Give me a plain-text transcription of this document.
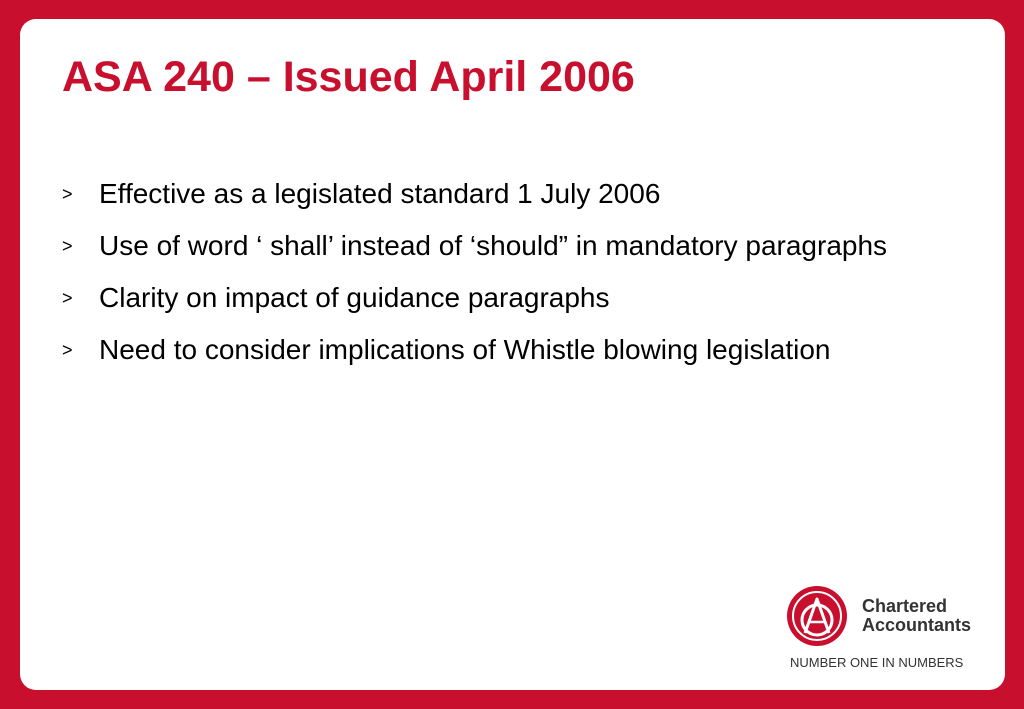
ASA 240 – Issued April 2006
> Effective as a legislated standard 1 July 2006
> Use of word ‘ shall’ instead of ‘should” in mandatory paragraphs
> Clarity on impact of guidance paragraphs
> Need to consider implications of Whistle blowing legislation
Chartered
Accountants
NUMBER ONE IN NUMBERS
